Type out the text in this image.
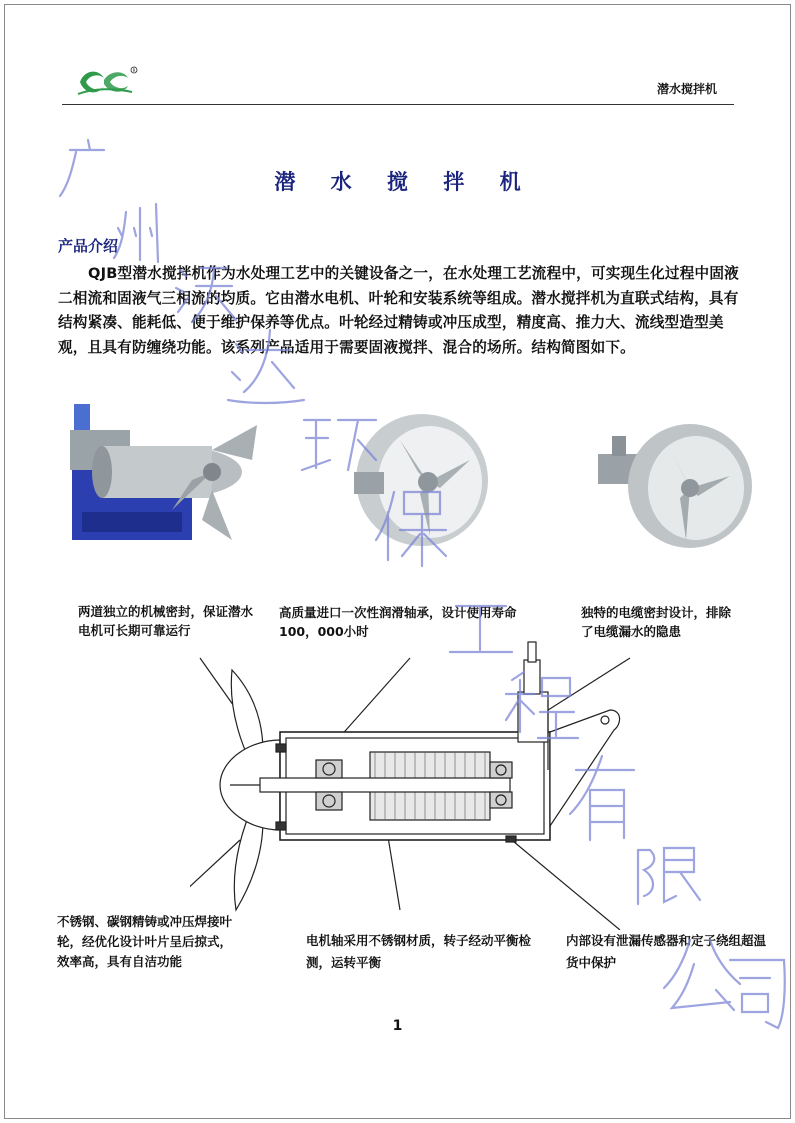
R
潜水搅拌机
潜 水 搅 拌 机
产品介绍

QJB型潜水搅拌机作为水处理工艺中的关键设备之一，在水处理工艺流程中，可实现生化过程中固液二相流和固液气三相流的均质。它由潜水电机、叶轮和安装系统等组成。潜水搅拌机为直联式结构，具有结构紧凑、能耗低、便于维护保养等优点。叶轮经过精铸或冲压成型，精度高、推力大、流线型造型美观，且具有防缠绕功能。该系列产品适用于需要固液搅拌、混合的场所。结构简图如下。

两道独立的机械密封，保证潜水电机可长期可靠运行
高质量进口一次性润滑轴承，设计使用寿命100，000小时
独特的电缆密封设计，排除了电缆漏水的隐患
不锈钢、碳钢精铸或冲压焊接叶轮，经优化设计叶片呈后掠式，效率高，具有自洁功能
电机轴采用不锈钢材质，转子经动平衡检测，运转平衡
内部设有泄漏传感器和定子绕组超温货中保护
1
